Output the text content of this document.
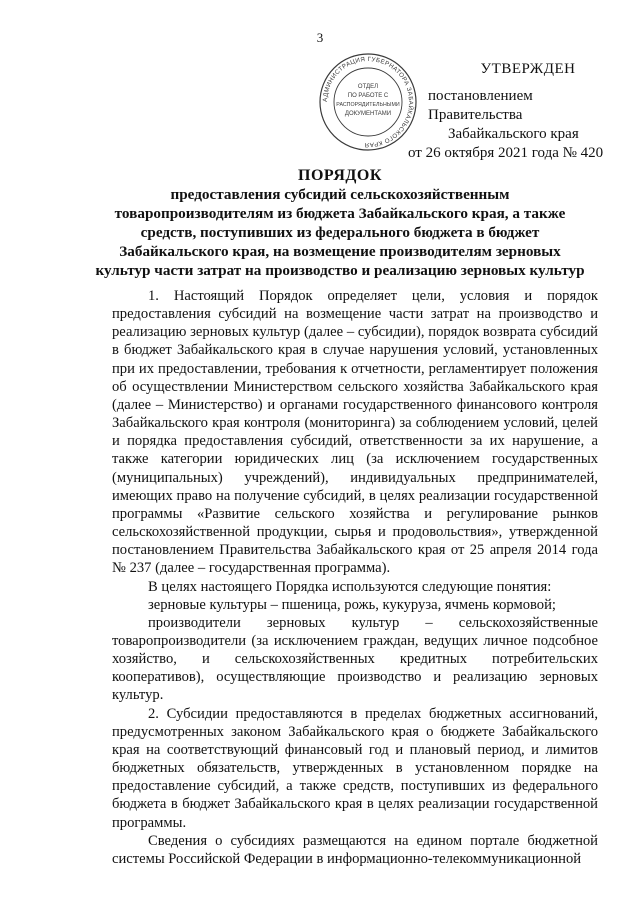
3
АДМИНИСТРАЦИЯ ГУБЕРНАТОРА ЗАБАЙКАЛЬСКОГО КРАЯ
ОТДЕЛ
ПО РАБОТЕ С
РАСПОРЯДИТЕЛЬНЫМИ
ДОКУМЕНТАМИ
УТВЕРЖДЕН
постановлением Правительства
Забайкальского края
от 26 октября 2021 года № 420
ПОРЯДОК
предоставления субсидий сельскохозяйственным товаропроизводителям из бюджета Забайкальского края, а также средств, поступивших из федерального бюджета в бюджет Забайкальского края, на возмещение производителям зерновых культур части затрат на производство и реализацию зерновых культур

1. Настоящий Порядок определяет цели, условия и порядок предоставления субсидий на возмещение части затрат на производство и реализацию зерновых культур (далее – субсидии), порядок возврата субсидий в бюджет Забайкальского края в случае нарушения условий, установленных при их предоставлении, требования к отчетности, регламентирует положения об осуществлении Министерством сельского хозяйства Забайкальского края (далее – Министерство) и органами государственного финансового контроля Забайкальского края контроля (мониторинга) за соблюдением условий, целей и порядка предоставления субсидий, ответственности за их нарушение, а также категории юридических лиц (за исключением государственных (муниципальных) учреждений), индивидуальных предпринимателей, имеющих право на получение субсидий, в целях реализации государственной программы «Развитие сельского хозяйства и регулирование рынков сельскохозяйственной продукции, сырья и продовольствия», утвержденной постановлением Правительства Забайкальского края от 25 апреля 2014 года № 237 (далее – государственная программа).

В целях настоящего Порядка используются следующие понятия:

зерновые культуры – пшеница, рожь, кукуруза, ячмень кормовой;

производители зерновых культур – сельскохозяйственные товаропроизводители (за исключением граждан, ведущих личное подсобное хозяйство, и сельскохозяйственных кредитных потребительских кооперативов), осуществляющие производство и реализацию зерновых культур.

2. Субсидии предоставляются в пределах бюджетных ассигнований, предусмотренных законом Забайкальского края о бюджете Забайкальского края на соответствующий финансовый год и плановый период, и лимитов бюджетных обязательств, утвержденных в установленном порядке на предоставление субсидий, а также средств, поступивших из федерального бюджета в бюджет Забайкальского края в целях реализации государственной программы.

Сведения о субсидиях размещаются на едином портале бюджетной системы Российской Федерации в информационно-телекоммуникационной
